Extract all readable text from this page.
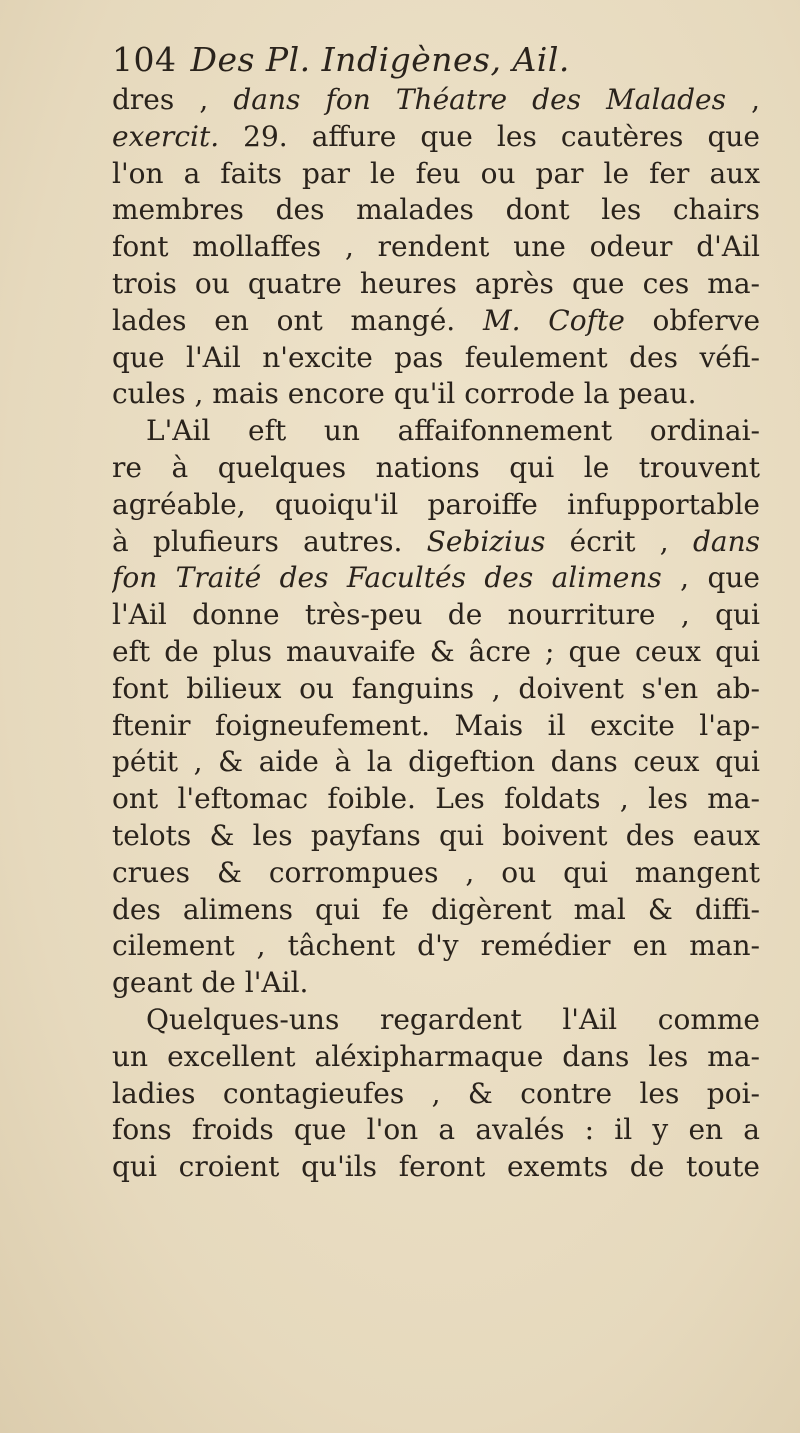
104 Des Pl. Indigènes, Ail.
dres , dans fon Théatre des Malades ,
exercit. 29. affure que les cautères que
l'on a faits par le feu ou par le fer aux
membres des malades dont les chairs
font mollaffes , rendent une odeur d'Ail
trois ou quatre heures après que ces ma-
lades en ont mangé. M. Cofte obferve
que l'Ail n'excite pas feulement des véfi-
cules , mais encore qu'il corrode la peau.
L'Ail eft un affaifonnement ordinai-
re à quelques nations qui le trouvent
agréable, quoiqu'il paroiffe infupportable
à plufieurs autres. Sebizius écrit , dans
fon Traité des Facultés des alimens , que
l'Ail donne très-peu de nourriture , qui
eft de plus mauvaife & âcre ; que ceux qui
font bilieux ou fanguins , doivent s'en ab-
ftenir foigneufement. Mais il excite l'ap-
pétit , & aide à la digeftion dans ceux qui
ont l'eftomac foible. Les foldats , les ma-
telots & les payfans qui boivent des eaux
crues & corrompues , ou qui mangent
des alimens qui fe digèrent mal & diffi-
cilement , tâchent d'y remédier en man-
geant de l'Ail.
Quelques-uns regardent l'Ail comme
un excellent aléxipharmaque dans les ma-
ladies contagieufes , & contre les poi-
fons froids que l'on a avalés : il y en a
qui croient qu'ils feront exemts de toute
